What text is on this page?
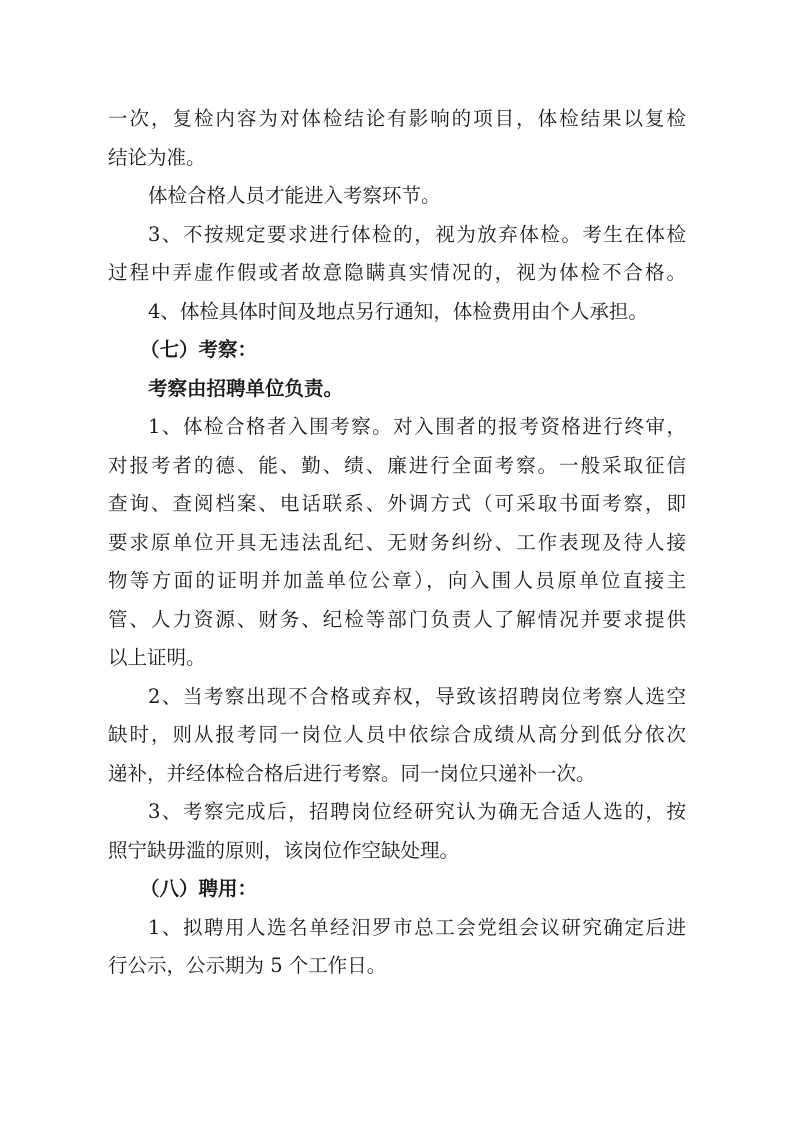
一次，复检内容为对体检结论有影响的项目，体检结果以复检
结论为准。
体检合格人员才能进入考察环节。
3、不按规定要求进行体检的，视为放弃体检。考生在体检
过程中弄虚作假或者故意隐瞒真实情况的，视为体检不合格。
4、体检具体时间及地点另行通知，体检费用由个人承担。
（七）考察：
考察由招聘单位负责。
1、体检合格者入围考察。对入围者的报考资格进行终审，
对报考者的德、能、勤、绩、廉进行全面考察。一般采取征信
查询、查阅档案、电话联系、外调方式（可采取书面考察，即
要求原单位开具无违法乱纪、无财务纠纷、工作表现及待人接
物等方面的证明并加盖单位公章），向入围人员原单位直接主
管、人力资源、财务、纪检等部门负责人了解情况并要求提供
以上证明。
2、当考察出现不合格或弃权，导致该招聘岗位考察人选空
缺时，则从报考同一岗位人员中依综合成绩从高分到低分依次
递补，并经体检合格后进行考察。同一岗位只递补一次。
3、考察完成后，招聘岗位经研究认为确无合适人选的，按
照宁缺毋滥的原则，该岗位作空缺处理。
（八）聘用：
1、拟聘用人选名单经汨罗市总工会党组会议研究确定后进
行公示，公示期为 5 个工作日。
